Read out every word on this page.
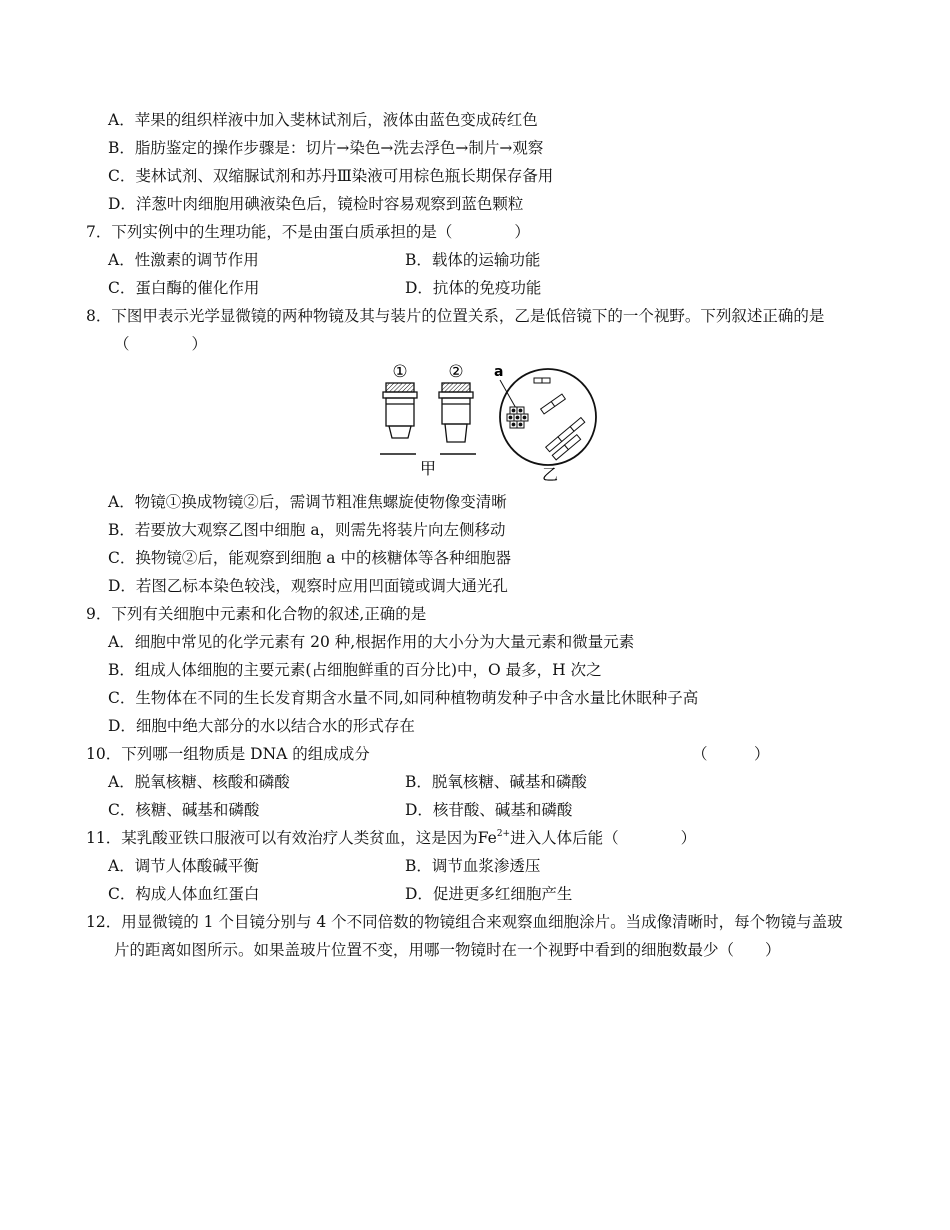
A．苹果的组织样液中加入斐林试剂后，液体由蓝色变成砖红色
B．脂肪鉴定的操作步骤是：切片→染色→洗去浮色→制片→观察
C．斐林试剂、双缩脲试剂和苏丹Ⅲ染液可用棕色瓶长期保存备用
D．洋葱叶肉细胞用碘液染色后，镜检时容易观察到蓝色颗粒
7．下列实例中的生理功能，不是由蛋白质承担的是（　　　　）
A．性激素的调节作用	B．载体的运输功能
C．蛋白酶的催化作用	D．抗体的免疫功能
8．下图甲表示光学显微镜的两种物镜及其与装片的位置关系，乙是低倍镜下的一个视野。下列叙述正确的是
（　　　　）
① ②
甲
a
乙
A．物镜①换成物镜②后，需调节粗准焦螺旋使物像变清晰
B．若要放大观察乙图中细胞 a，则需先将装片向左侧移动
C．换物镜②后，能观察到细胞 a 中的核糖体等各种细胞器
D．若图乙标本染色较浅，观察时应用凹面镜或调大通光孔
9．下列有关细胞中元素和化合物的叙述,正确的是
A．细胞中常见的化学元素有 20 种,根据作用的大小分为大量元素和微量元素
B．组成人体细胞的主要元素(占细胞鲜重的百分比)中，O 最多，H 次之
C．生物体在不同的生长发育期含水量不同,如同种植物萌发种子中含水量比休眠种子高
D．细胞中绝大部分的水以结合水的形式存在
10．下列哪一组物质是 DNA 的组成成分	（　　　）
A．脱氧核糖、核酸和磷酸	B．脱氧核糖、碱基和磷酸
C．核糖、碱基和磷酸	D．核苷酸、碱基和磷酸
11．某乳酸亚铁口服液可以有效治疗人类贫血，这是因为$Fe^{2+}$进入人体后能（　　　　）
A．调节人体酸碱平衡	B．调节血浆渗透压
C．构成人体血红蛋白	D．促进更多红细胞产生
12．用显微镜的 1 个目镜分别与 4 个不同倍数的物镜组合来观察血细胞涂片。当成像清晰时，每个物镜与盖玻
片的距离如图所示。如果盖玻片位置不变，用哪一物镜时在一个视野中看到的细胞数最少（　　）
